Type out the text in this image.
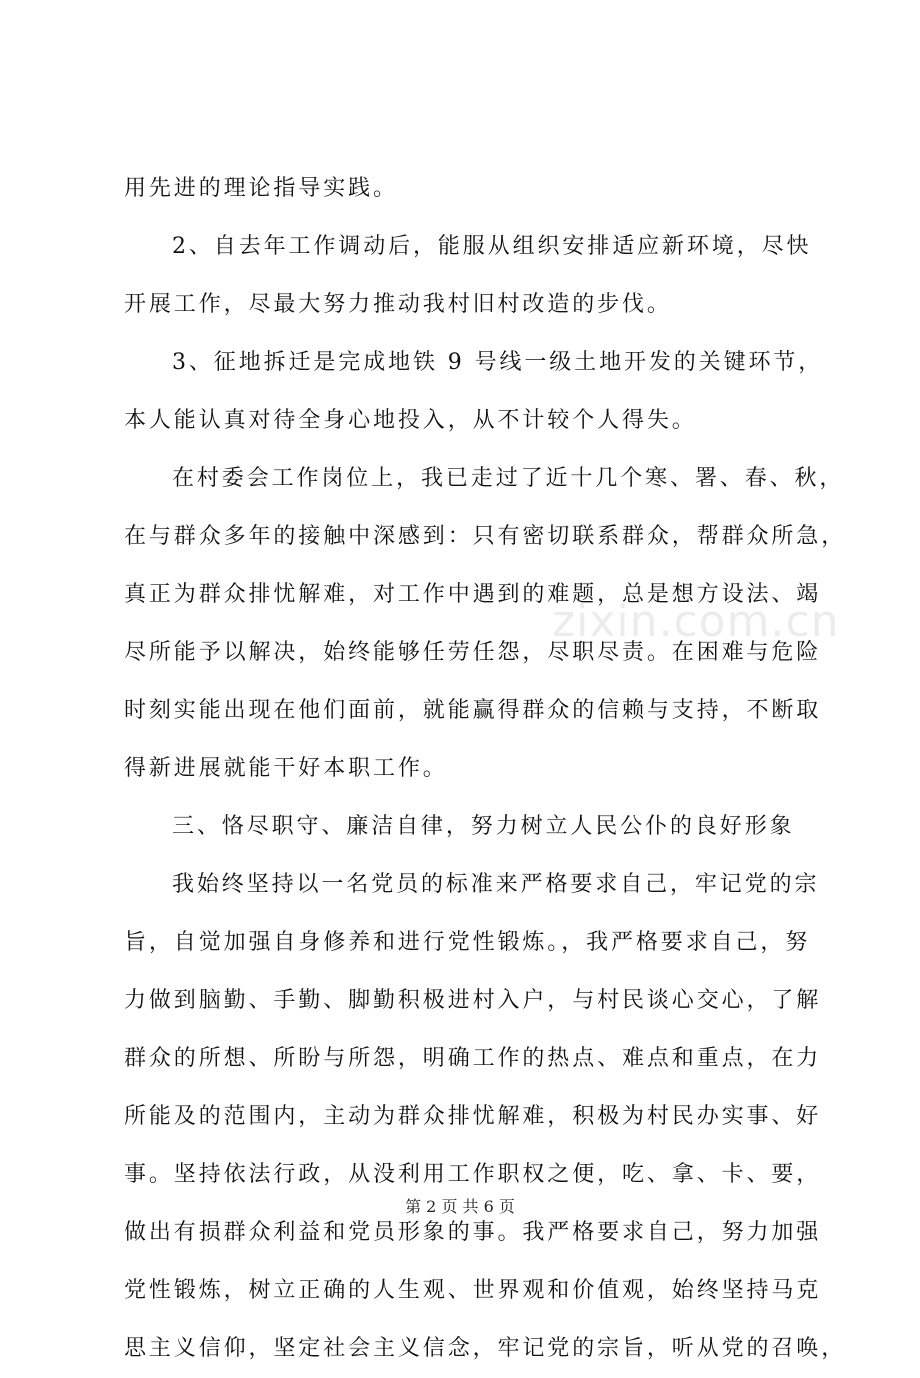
用先进的理论指导实践。
2、自去年工作调动后，能服从组织安排适应新环境，尽快
开展工作，尽最大努力推动我村旧村改造的步伐。
3、征地拆迁是完成地铁 9 号线一级土地开发的关键环节，
本人能认真对待全身心地投入，从不计较个人得失。
在村委会工作岗位上，我已走过了近十几个寒、署、春、秋，
在与群众多年的接触中深感到：只有密切联系群众，帮群众所急，
真正为群众排忧解难，对工作中遇到的难题，总是想方设法、竭
尽所能予以解决，始终能够任劳任怨，尽职尽责。在困难与危险
时刻实能出现在他们面前，就能赢得群众的信赖与支持，不断取
得新进展就能干好本职工作。
三、恪尽职守、廉洁自律，努力树立人民公仆的良好形象
我始终坚持以一名党员的标准来严格要求自己，牢记党的宗
旨，自觉加强自身修养和进行党性锻炼。，我严格要求自己，努
力做到脑勤、手勤、脚勤积极进村入户，与村民谈心交心，了解
群众的所想、所盼与所怨，明确工作的热点、难点和重点，在力
所能及的范围内，主动为群众排忧解难，积极为村民办实事、好
事。坚持依法行政，从没利用工作职权之便，吃、拿、卡、要，
做出有损群众利益和党员形象的事。我严格要求自己，努力加强
党性锻炼，树立正确的人生观、世界观和价值观，始终坚持马克
思主义信仰，坚定社会主义信念，牢记党的宗旨，听从党的召唤，
zixin.com.cn
第 2 页 共 6 页
